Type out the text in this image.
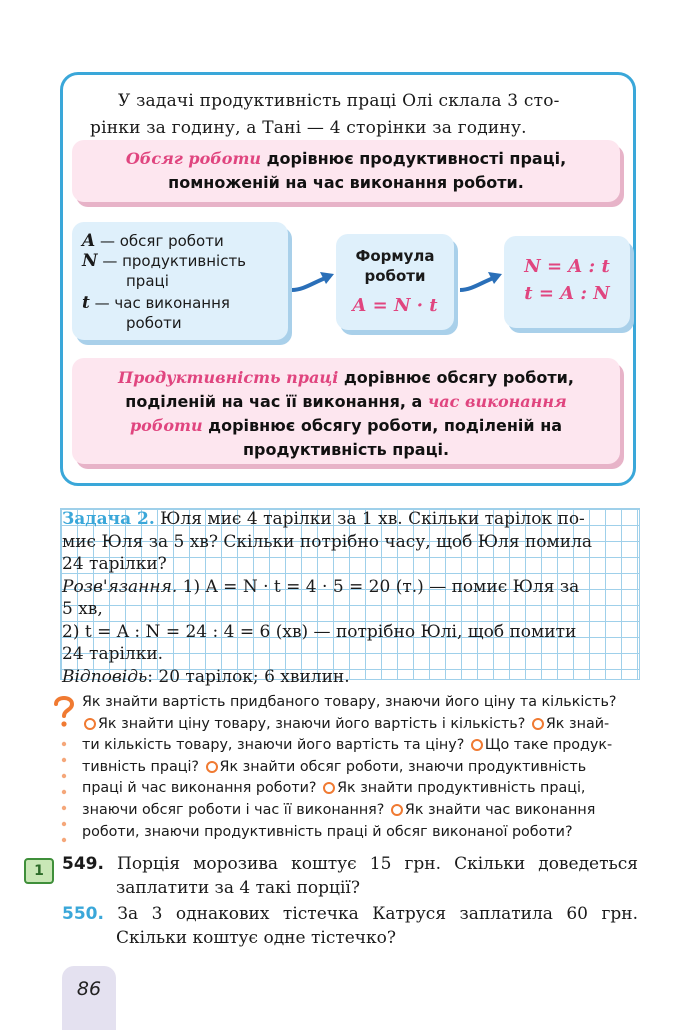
У задачі продуктивність праці Олі склала 3 сто-
рінки за годину, а Тані — 4 сторінки за годину.
Обсяг роботи дорівнює продуктивності праці,
помноженій на час виконання роботи.
A — обсяг роботи
N — продуктивність
праці
t — час виконання
роботи
Формула
роботи
A = N · t
N = A : t
t = A : N
Продуктивність праці дорівнює обсягу роботи,
поділеній на час її виконання, а час виконання
роботи дорівнює обсягу роботи, поділеній на
продуктивність праці.
Задача 2. Юля миє 4 тарілки за 1 хв. Скільки тарілок по-
миє Юля за 5 хв? Скільки потрібно часу, щоб Юля помила
24 тарілки?
Розв'язання. 1) A = N · t = 4 · 5 = 20 (т.) — помиє Юля за
5 хв,
2) t = A : N = 24 : 4 = 6 (хв) — потрібно Юлі, щоб помити
24 тарілки.
Відповідь: 20 тарілок; 6 хвилин.
Як знайти вартість придбаного товару, знаючи його ціну та кількість?
Як знайти ціну товару, знаючи його вартість і кількість? Як знай-
ти кількість товару, знаючи його вартість та ціну? Що таке продук-
тивність праці? Як знайти обсяг роботи, знаючи продуктивність
праці й час виконання роботи? Як знайти продуктивність праці,
знаючи обсяг роботи і час її виконання? Як знайти час виконання
роботи, знаючи продуктивність праці й обсяг виконаної роботи?
1	549. Порція морозива коштує 15 грн. Скільки доведеться заплатити за 4 такі порції?
550. За 3 однакових тістечка Катруся заплатила 60 грн. Скільки коштує одне тістечко?
86
